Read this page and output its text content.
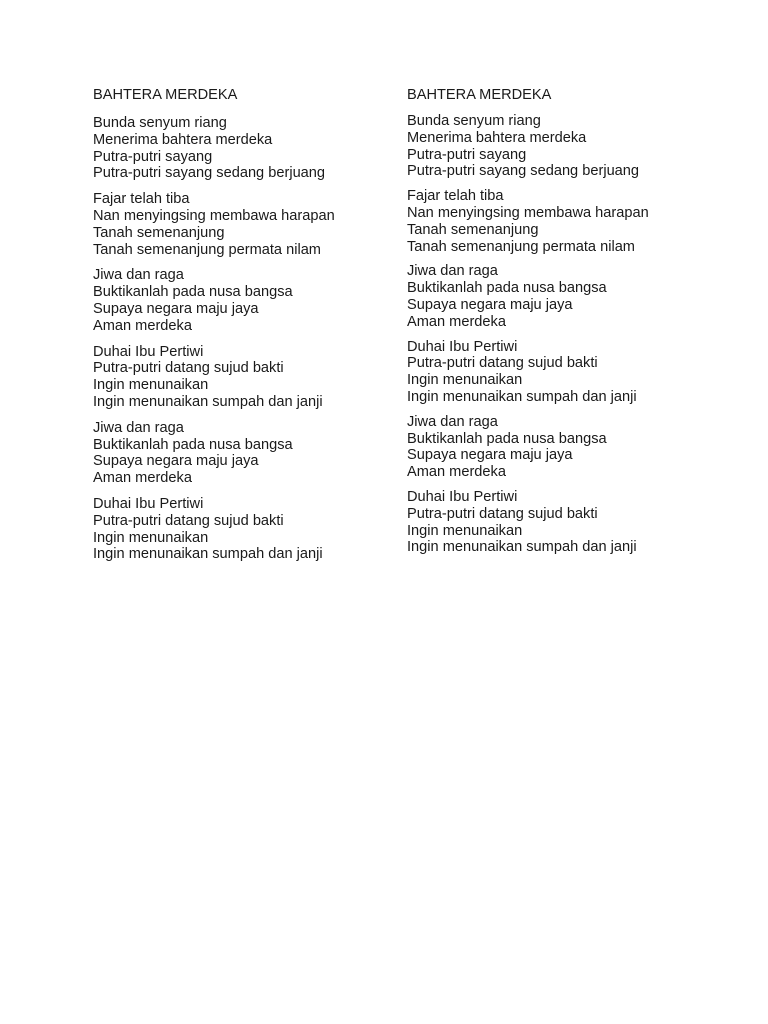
BAHTERA MERDEKA
Bunda senyum riang
Menerima bahtera merdeka
Putra-putri sayang
Putra-putri sayang sedang berjuang
Fajar telah tiba
Nan menyingsing membawa harapan
Tanah semenanjung
Tanah semenanjung permata nilam
Jiwa dan raga
Buktikanlah pada nusa bangsa
Supaya negara maju jaya
Aman merdeka
Duhai Ibu Pertiwi
Putra-putri datang sujud bakti
Ingin menunaikan
Ingin menunaikan sumpah dan janji
Jiwa dan raga
Buktikanlah pada nusa bangsa
Supaya negara maju jaya
Aman merdeka
Duhai Ibu Pertiwi
Putra-putri datang sujud bakti
Ingin menunaikan
Ingin menunaikan sumpah dan janji
BAHTERA MERDEKA
Bunda senyum riang
Menerima bahtera merdeka
Putra-putri sayang
Putra-putri sayang sedang berjuang
Fajar telah tiba
Nan menyingsing membawa harapan
Tanah semenanjung
Tanah semenanjung permata nilam
Jiwa dan raga
Buktikanlah pada nusa bangsa
Supaya negara maju jaya
Aman merdeka
Duhai Ibu Pertiwi
Putra-putri datang sujud bakti
Ingin menunaikan
Ingin menunaikan sumpah dan janji
Jiwa dan raga
Buktikanlah pada nusa bangsa
Supaya negara maju jaya
Aman merdeka
Duhai Ibu Pertiwi
Putra-putri datang sujud bakti
Ingin menunaikan
Ingin menunaikan sumpah dan janji
